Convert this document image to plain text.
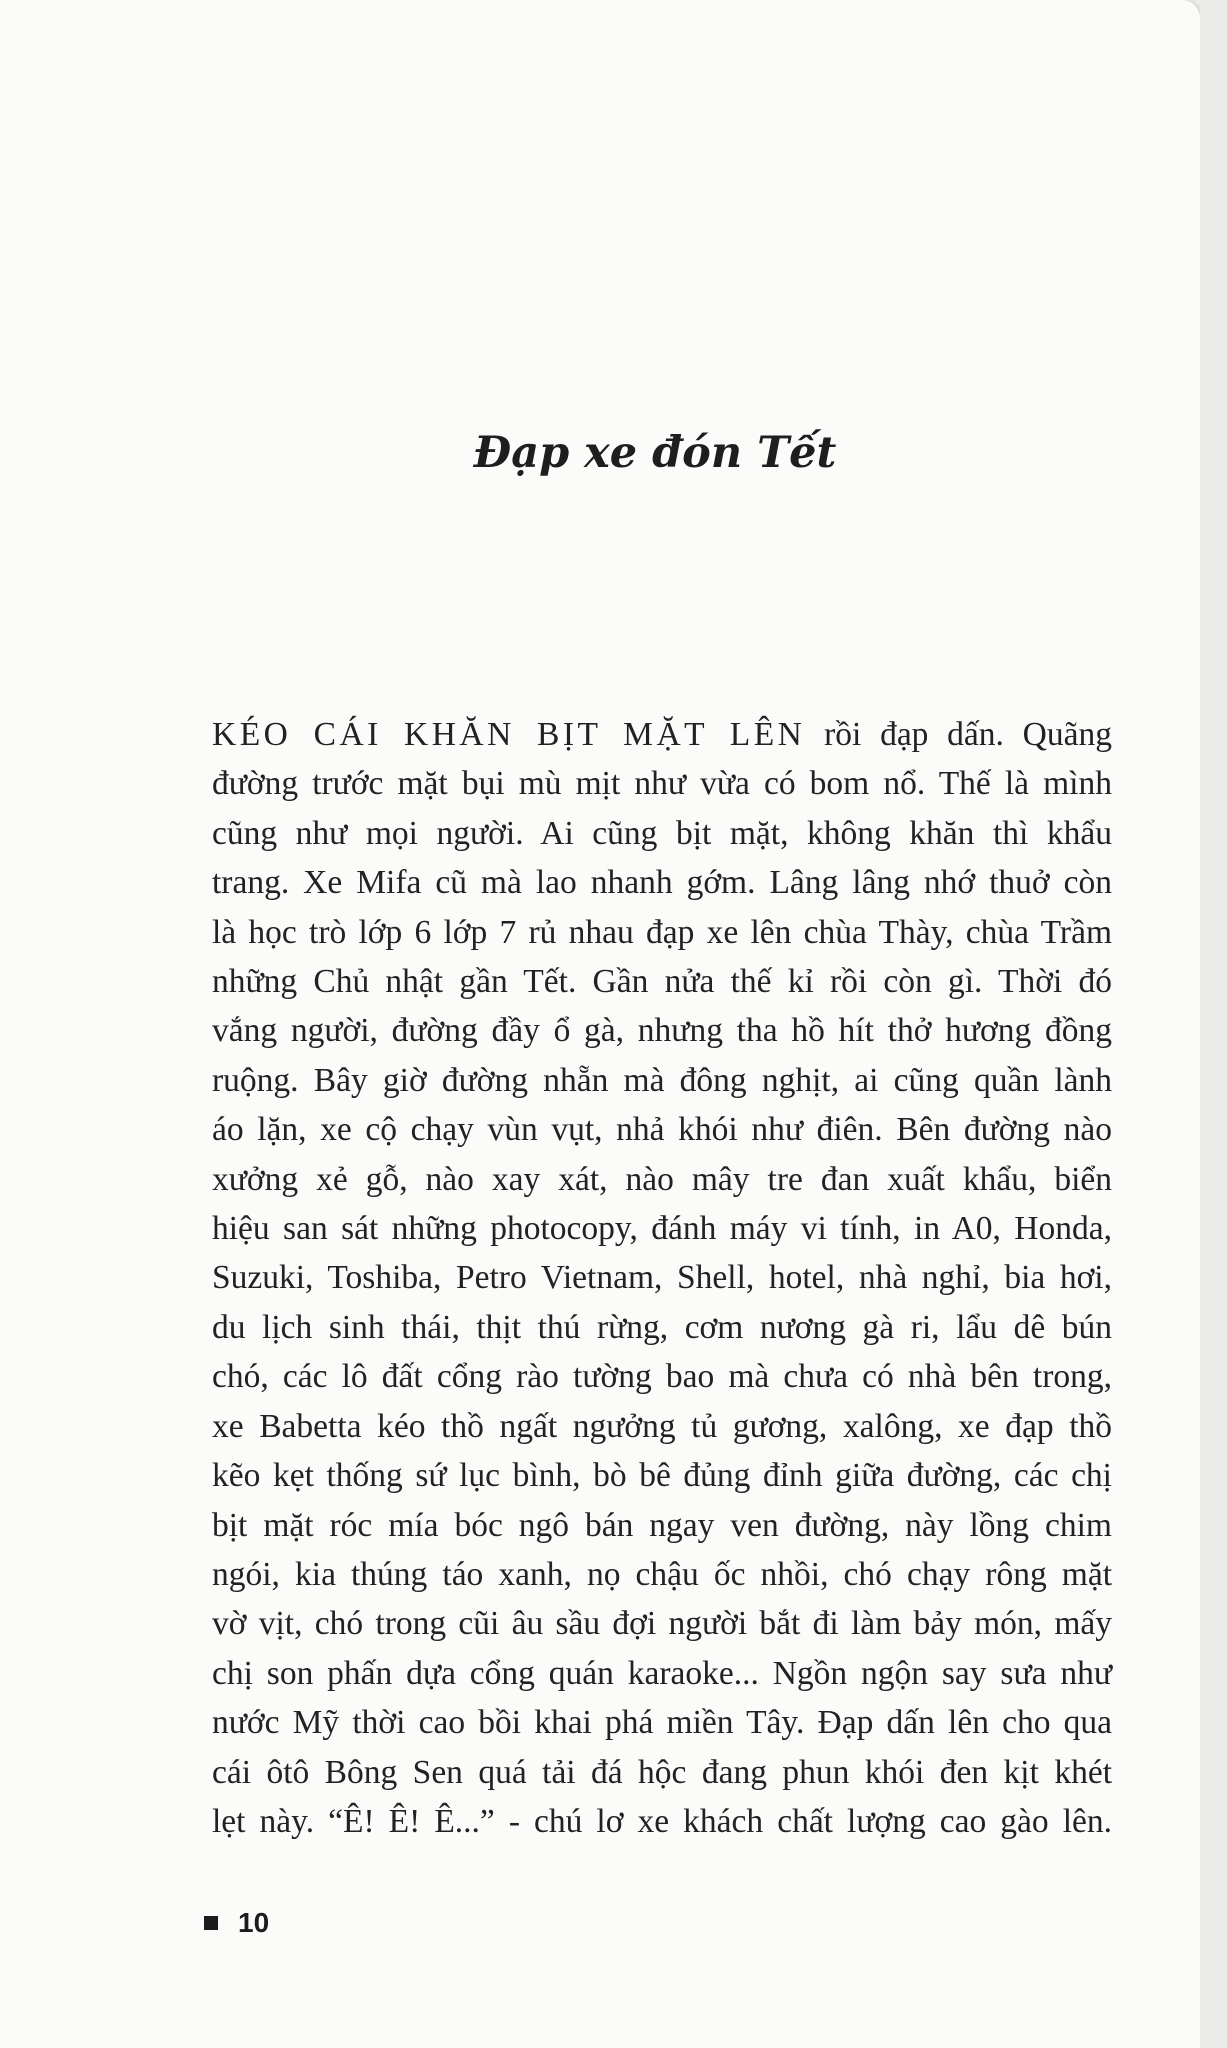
Đạp xe đón Tết
KÉO CÁI KHĂN BỊT MẶT LÊN rồi đạp dấn. Quãng
đường trước mặt bụi mù mịt như vừa có bom nổ. Thế là mình
cũng như mọi người. Ai cũng bịt mặt, không khăn thì khẩu
trang. Xe Mifa cũ mà lao nhanh gớm. Lâng lâng nhớ thuở còn
là học trò lớp 6 lớp 7 rủ nhau đạp xe lên chùa Thày, chùa Trầm
những Chủ nhật gần Tết. Gần nửa thế kỉ rồi còn gì. Thời đó
vắng người, đường đầy ổ gà, nhưng tha hồ hít thở hương đồng
ruộng. Bây giờ đường nhẵn mà đông nghịt, ai cũng quần lành
áo lặn, xe cộ chạy vùn vụt, nhả khói như điên. Bên đường nào
xưởng xẻ gỗ, nào xay xát, nào mây tre đan xuất khẩu, biển
hiệu san sát những photocopy, đánh máy vi tính, in A0, Honda,
Suzuki, Toshiba, Petro Vietnam, Shell, hotel, nhà nghỉ, bia hơi,
du lịch sinh thái, thịt thú rừng, cơm nương gà ri, lẩu dê bún
chó, các lô đất cổng rào tường bao mà chưa có nhà bên trong,
xe Babetta kéo thồ ngất ngưởng tủ gương, xalông, xe đạp thồ
kẽo kẹt thống sứ lục bình, bò bê đủng đỉnh giữa đường, các chị
bịt mặt róc mía bóc ngô bán ngay ven đường, này lồng chim
ngói, kia thúng táo xanh, nọ chậu ốc nhồi, chó chạy rông mặt
vờ vịt, chó trong cũi âu sầu đợi người bắt đi làm bảy món, mấy
chị son phấn dựa cổng quán karaoke... Ngồn ngộn say sưa như
nước Mỹ thời cao bồi khai phá miền Tây. Đạp dấn lên cho qua
cái ôtô Bông Sen quá tải đá hộc đang phun khói đen kịt khét
lẹt này. “Ê! Ê! Ê...” - chú lơ xe khách chất lượng cao gào lên.
10
